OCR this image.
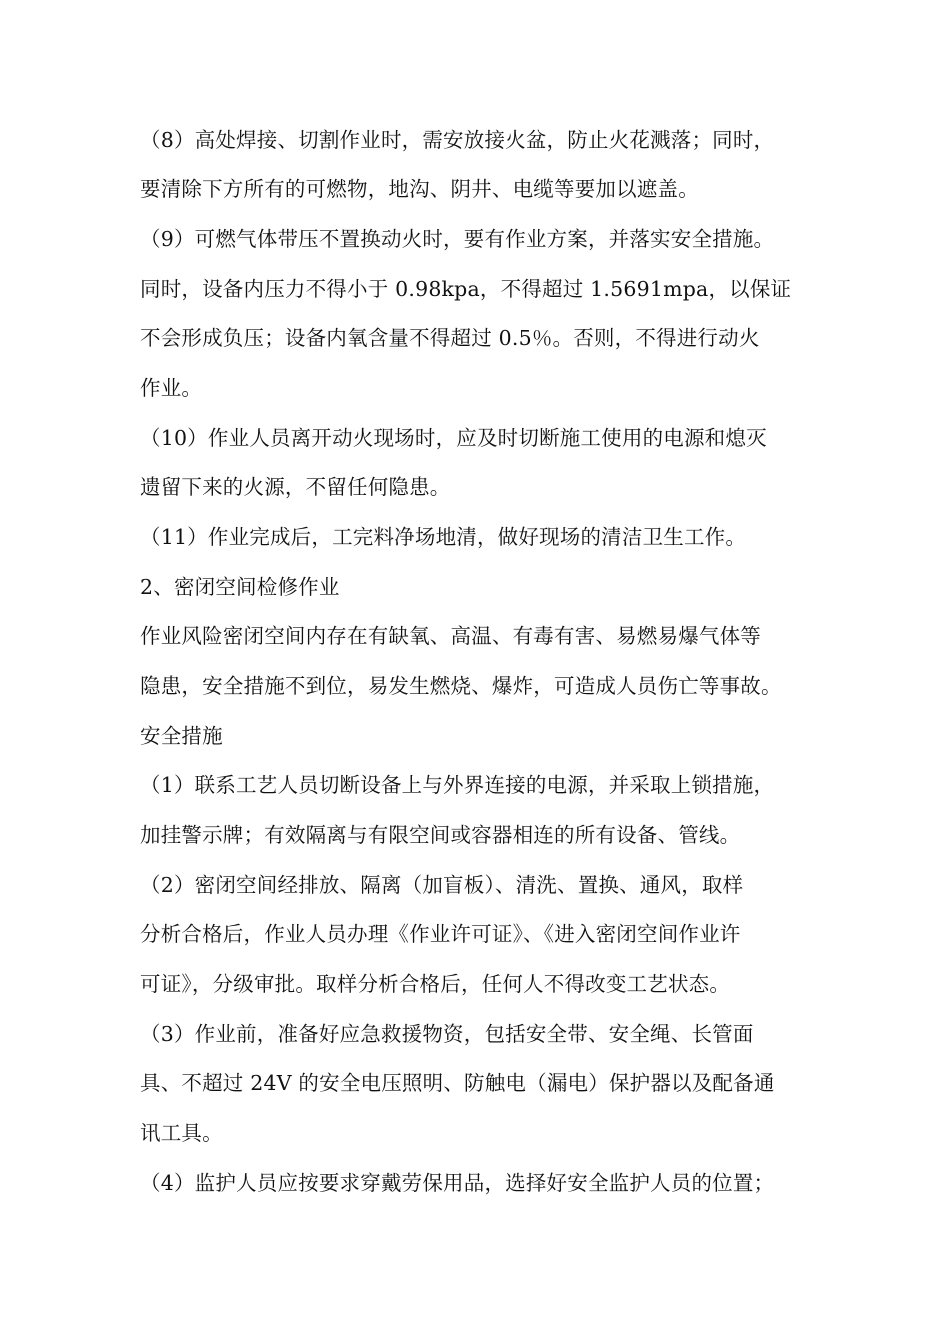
（8）高处焊接、切割作业时，需安放接火盆，防止火花溅落；同时，
要清除下方所有的可燃物，地沟、阴井、电缆等要加以遮盖。
（9）可燃气体带压不置换动火时，要有作业方案，并落实安全措施。
同时，设备内压力不得小于 0.98kpa，不得超过 1.5691mpa，以保证
不会形成负压；设备内氧含量不得超过 0.5％。否则，不得进行动火
作业。
（10）作业人员离开动火现场时，应及时切断施工使用的电源和熄灭
遗留下来的火源，不留任何隐患。
（11）作业完成后，工完料净场地清，做好现场的清洁卫生工作。
2、密闭空间检修作业
作业风险密闭空间内存在有缺氧、高温、有毒有害、易燃易爆气体等
隐患，安全措施不到位，易发生燃烧、爆炸，可造成人员伤亡等事故。
安全措施
（1）联系工艺人员切断设备上与外界连接的电源，并采取上锁措施，
加挂警示牌；有效隔离与有限空间或容器相连的所有设备、管线。
（2）密闭空间经排放、隔离（加盲板）、清洗、置换、通风，取样
分析合格后，作业人员办理《作业许可证》、《进入密闭空间作业许
可证》，分级审批。取样分析合格后，任何人不得改变工艺状态。
（3）作业前，准备好应急救援物资，包括安全带、安全绳、长管面
具、不超过 24V 的安全电压照明、防触电（漏电）保护器以及配备通
讯工具。
（4）监护人员应按要求穿戴劳保用品，选择好安全监护人员的位置；
